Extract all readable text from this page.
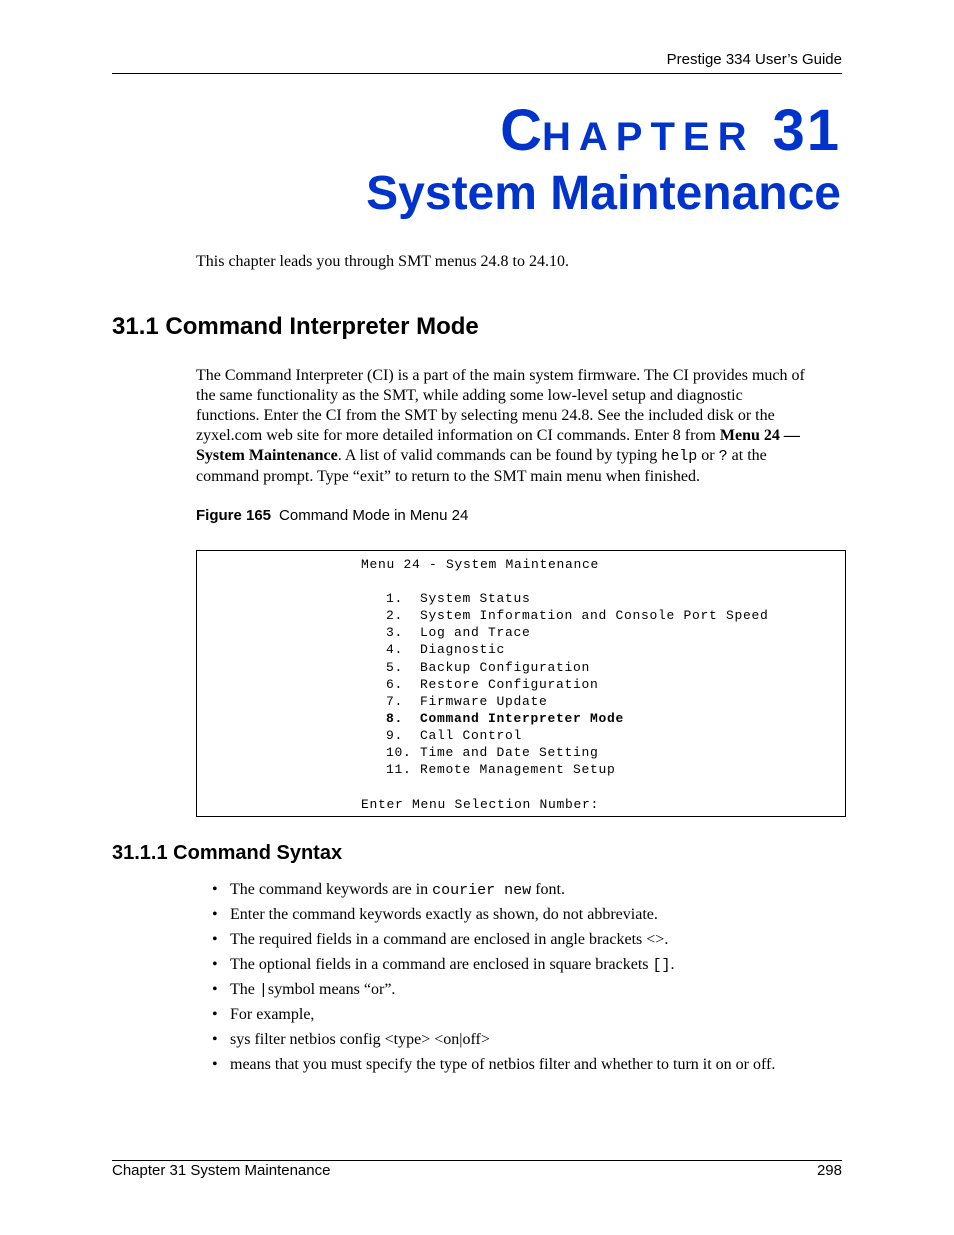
Prestige 334 User’s Guide
CHAPTER 31
System Maintenance
This chapter leads you through SMT menus 24.8 to 24.10.
31.1 Command Interpreter Mode
The Command Interpreter (CI) is a part of the main system firmware. The CI provides much of
the same functionality as the SMT, while adding some low-level setup and diagnostic
functions. Enter the CI from the SMT by selecting menu 24.8. See the included disk or the
zyxel.com web site for more detailed information on CI commands. Enter 8 from Menu 24 —
System Maintenance. A list of valid commands can be found by typing help or ? at the
command prompt. Type “exit” to return to the SMT main menu when finished.
Figure 165 Command Mode in Menu 24
Menu 24 - System Maintenance
1.  System Status
2.  System Information and Console Port Speed
3.  Log and Trace
4.  Diagnostic
5.  Backup Configuration
6.  Restore Configuration
7.  Firmware Update
8.  Command Interpreter Mode
9.  Call Control
10. Time and Date Setting
11. Remote Management Setup
Enter Menu Selection Number:
31.1.1 Command Syntax
• The command keywords are in courier new font.
• Enter the command keywords exactly as shown, do not abbreviate.
• The required fields in a command are enclosed in angle brackets <>.
• The optional fields in a command are enclosed in square brackets [].
• The |symbol means “or”.
• For example,
• sys filter netbios config <type> <on|off>
• means that you must specify the type of netbios filter and whether to turn it on or off.
Chapter 31 System Maintenance	298
